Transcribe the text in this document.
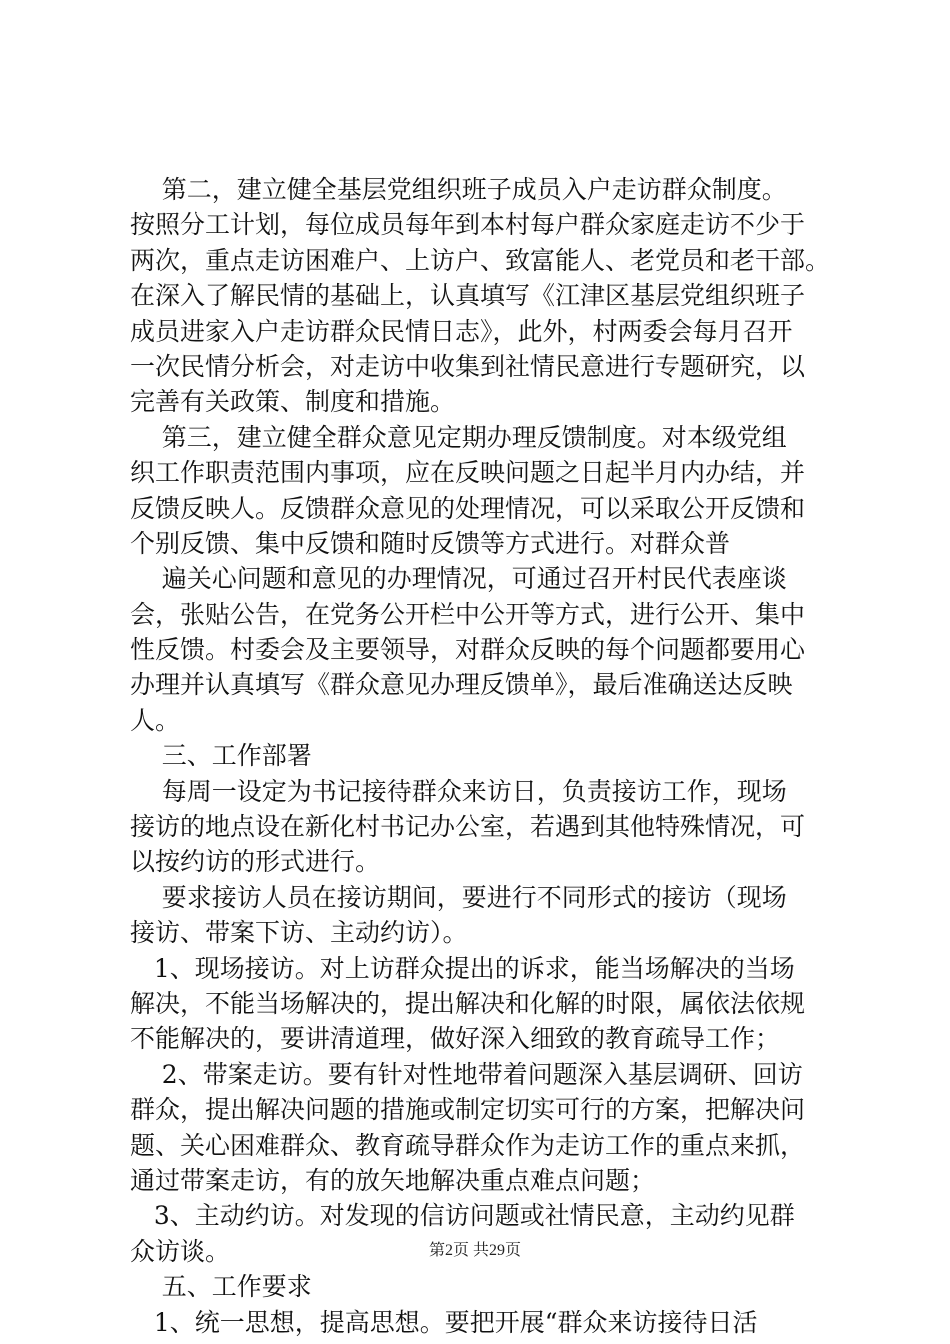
第二，建立健全基层党组织班子成员入户走访群众制度。
按照分工计划，每位成员每年到本村每户群众家庭走访不少于
两次，重点走访困难户、上访户、致富能人、老党员和老干部。
在深入了解民情的基础上，认真填写《江津区基层党组织班子
成员进家入户走访群众民情日志》，此外，村两委会每月召开
一次民情分析会，对走访中收集到社情民意进行专题研究，以
完善有关政策、制度和措施。
第三，建立健全群众意见定期办理反馈制度。对本级党组
织工作职责范围内事项，应在反映问题之日起半月内办结，并
反馈反映人。反馈群众意见的处理情况，可以采取公开反馈和
个别反馈、集中反馈和随时反馈等方式进行。对群众普
遍关心问题和意见的办理情况，可通过召开村民代表座谈
会，张贴公告，在党务公开栏中公开等方式，进行公开、集中
性反馈。村委会及主要领导，对群众反映的每个问题都要用心
办理并认真填写《群众意见办理反馈单》，最后准确送达反映
人。
三、工作部署
每周一设定为书记接待群众来访日，负责接访工作，现场
接访的地点设在新化村书记办公室，若遇到其他特殊情况，可
以按约访的形式进行。
要求接访人员在接访期间，要进行不同形式的接访（现场
接访、带案下访、主动约访）。
1、现场接访。对上访群众提出的诉求，能当场解决的当场
解决，不能当场解决的，提出解决和化解的时限，属依法依规
不能解决的，要讲清道理，做好深入细致的教育疏导工作；
2、带案走访。要有针对性地带着问题深入基层调研、回访
群众，提出解决问题的措施或制定切实可行的方案，把解决问
题、关心困难群众、教育疏导群众作为走访工作的重点来抓，
通过带案走访，有的放矢地解决重点难点问题；
3、主动约访。对发现的信访问题或社情民意，主动约见群
众访谈。
五、工作要求
1、统一思想，提高思想。要把开展“群众来访接待日活
第2页 共29页
